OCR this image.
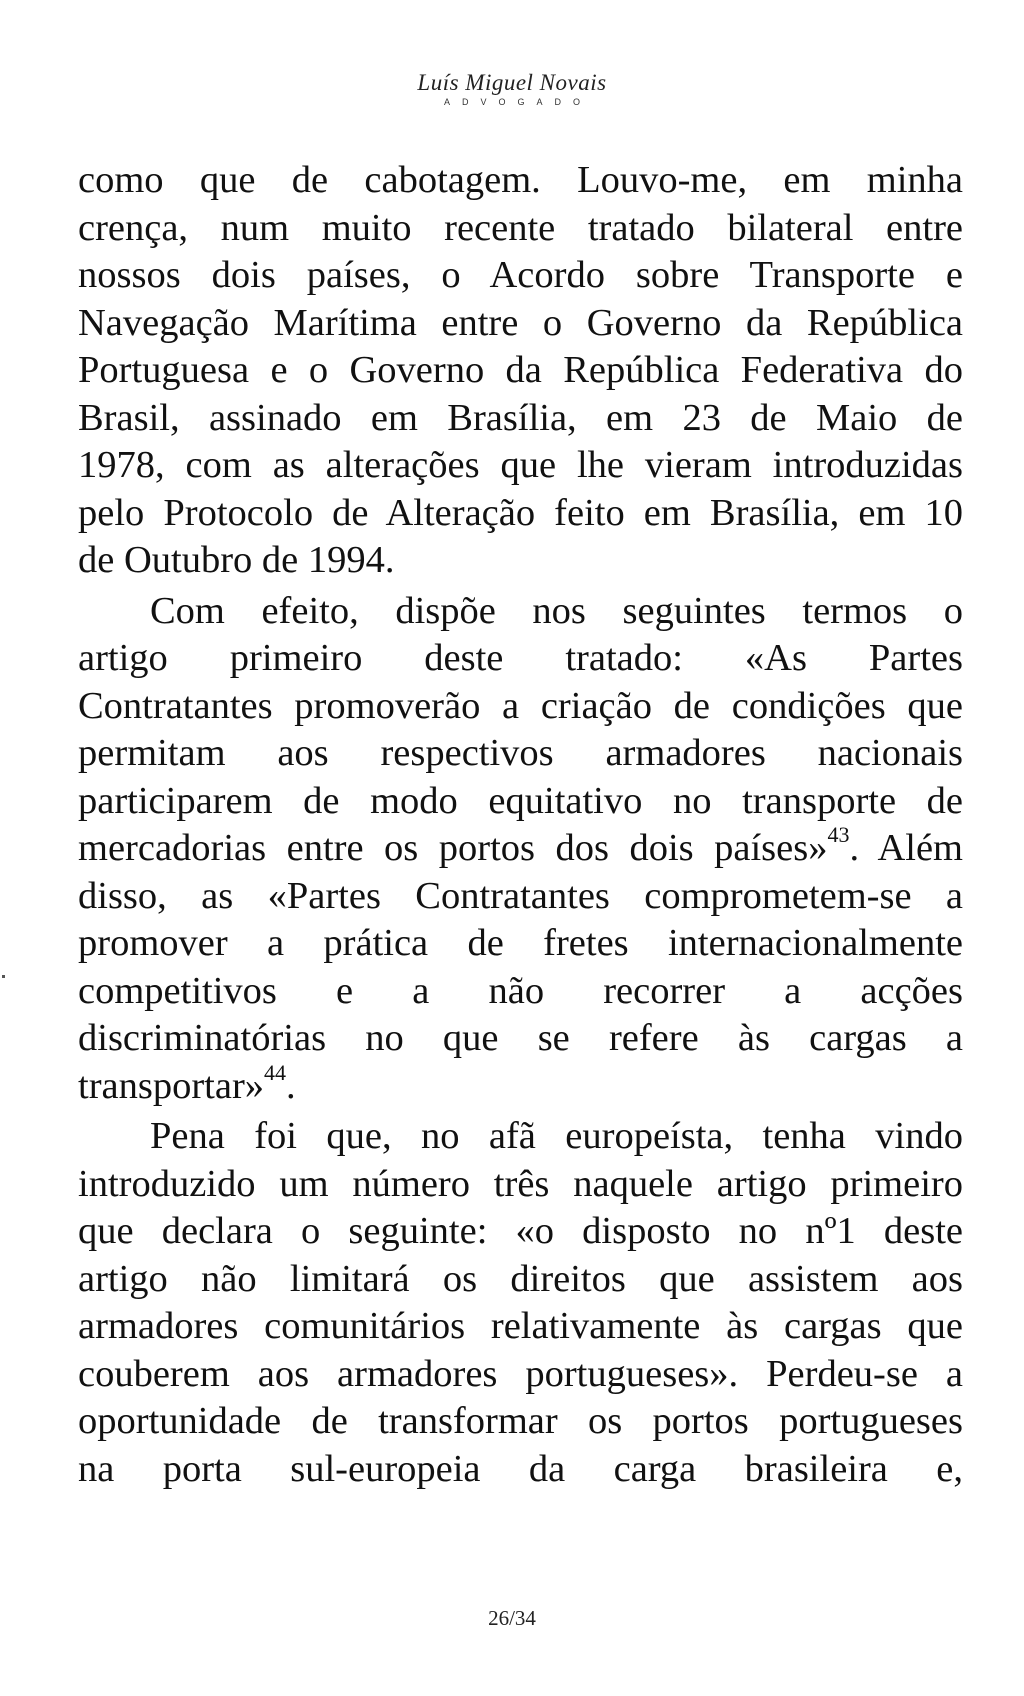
Luís Miguel Novais
ADVOGADO

como que de cabotagem. Louvo-me, em minha
crença, num muito recente tratado bilateral entre
nossos dois países, o Acordo sobre Transporte e
Navegação Marítima entre o Governo da República
Portuguesa e o Governo da República Federativa do
Brasil, assinado em Brasília, em 23 de Maio de
1978, com as alterações que lhe vieram introduzidas
pelo Protocolo de Alteração feito em Brasília, em 10
de Outubro de 1994.

Com efeito, dispõe nos seguintes termos o
artigo primeiro deste tratado: «As Partes
Contratantes promoverão a criação de condições que
permitam aos respectivos armadores nacionais
participarem de modo equitativo no transporte de
mercadorias entre os portos dos dois países»$^{43}$. Além
disso, as «Partes Contratantes comprometem-se a
promover a prática de fretes internacionalmente
competitivos e a não recorrer a acções
discriminatórias no que se refere às cargas a
transportar»$^{44}$.

Pena foi que, no afã europeísta, tenha vindo
introduzido um número três naquele artigo primeiro
que declara o seguinte: «o disposto no nº1 deste
artigo não limitará os direitos que assistem aos
armadores comunitários relativamente às cargas que
couberem aos armadores portugueses». Perdeu-se a
oportunidade de transformar os portos portugueses
na porta sul-europeia da carga brasileira e,

26/34
